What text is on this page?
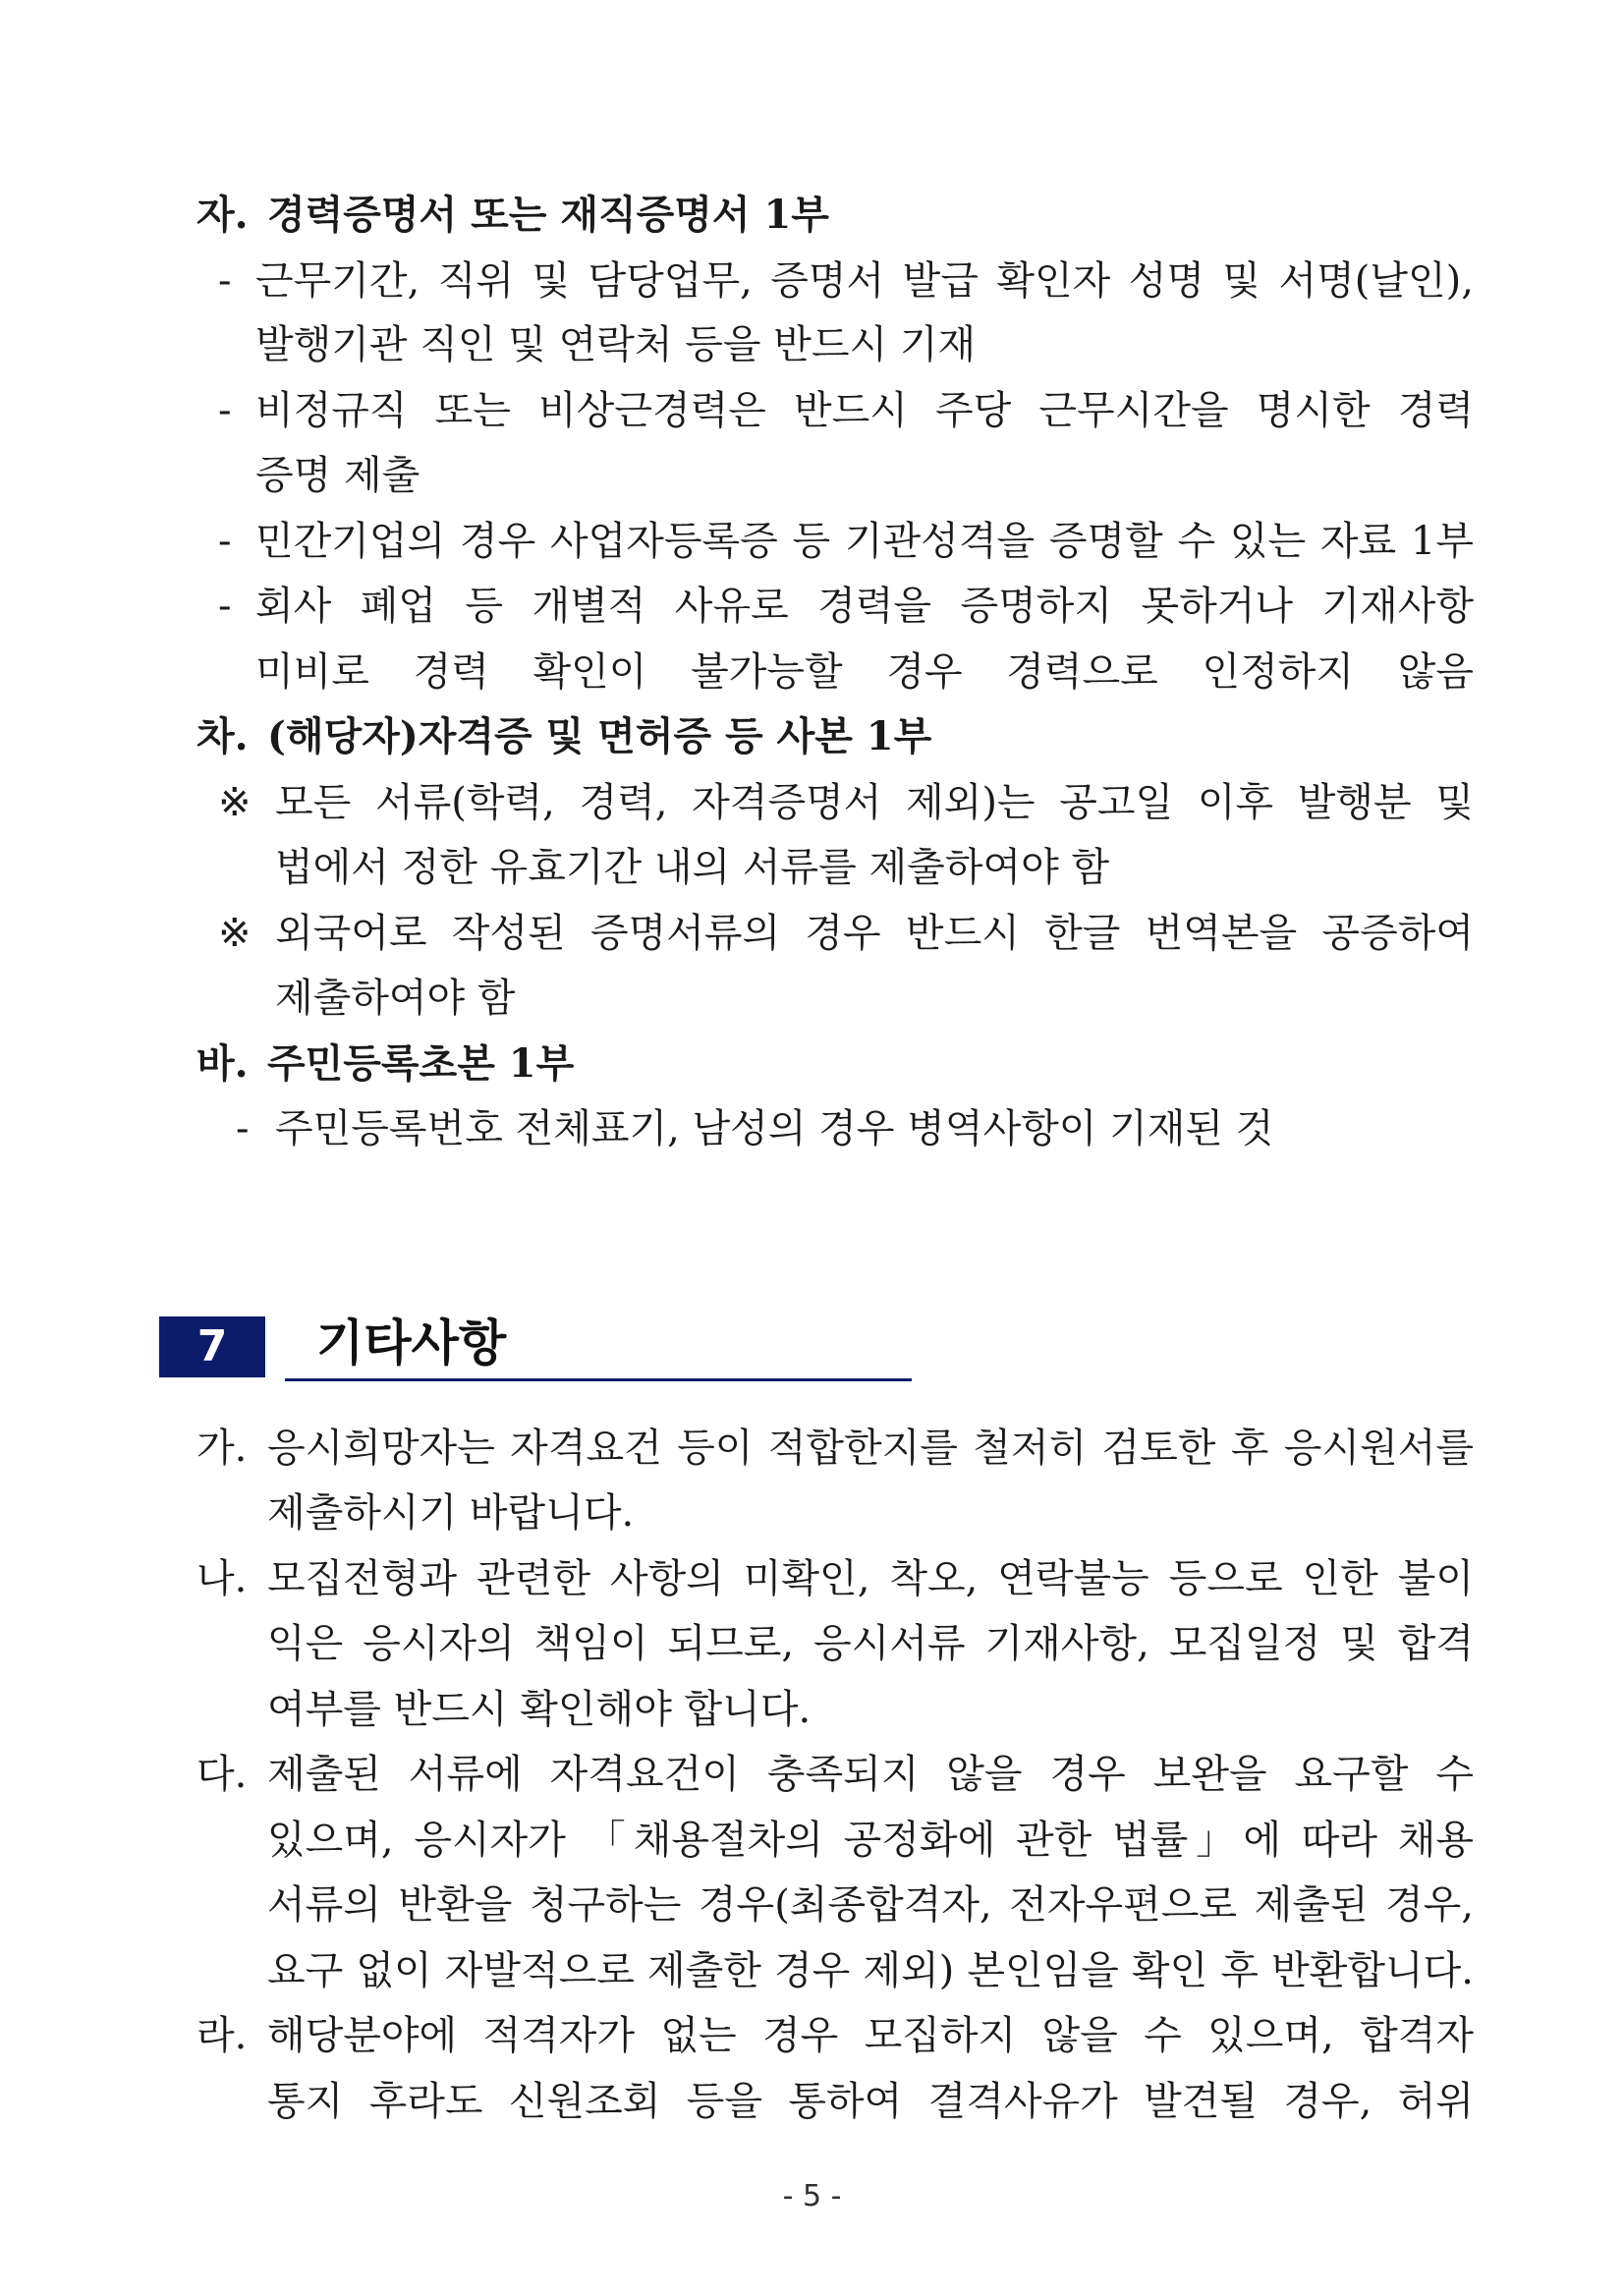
자. 경력증명서 또는 재직증명서 1부
- 근무기간, 직위 및 담당업무, 증명서 발급 확인자 성명 및 서명(날인),
발행기관 직인 및 연락처 등을 반드시 기재
- 비정규직 또는 비상근경력은 반드시 주당 근무시간을 명시한 경력
증명 제출
- 민간기업의 경우 사업자등록증 등 기관성격을 증명할 수 있는 자료 1부
- 회사 폐업 등 개별적 사유로 경력을 증명하지 못하거나 기재사항
미비로 경력 확인이 불가능할 경우 경력으로 인정하지 않음
차. (해당자)자격증 및 면허증 등 사본 1부
※ 모든 서류(학력, 경력, 자격증명서 제외)는 공고일 이후 발행분 및
법에서 정한 유효기간 내의 서류를 제출하여야 함
※ 외국어로 작성된 증명서류의 경우 반드시 한글 번역본을 공증하여
제출하여야 함
바. 주민등록초본 1부
- 주민등록번호 전체표기, 남성의 경우 병역사항이 기재된 것
7	기타사항
가. 응시희망자는 자격요건 등이 적합한지를 철저히 검토한 후 응시원서를
제출하시기 바랍니다.
나. 모집전형과 관련한 사항의 미확인, 착오, 연락불능 등으로 인한 불이
익은 응시자의 책임이 되므로, 응시서류 기재사항, 모집일정 및 합격
여부를 반드시 확인해야 합니다.
다. 제출된 서류에 자격요건이 충족되지 않을 경우 보완을 요구할 수
있으며, 응시자가 「채용절차의 공정화에 관한 법률」에 따라 채용
서류의 반환을 청구하는 경우(최종합격자, 전자우편으로 제출된 경우,
요구 없이 자발적으로 제출한 경우 제외) 본인임을 확인 후 반환합니다.
라. 해당분야에 적격자가 없는 경우 모집하지 않을 수 있으며, 합격자
통지 후라도 신원조회 등을 통하여 결격사유가 발견될 경우, 허위
- 5 -
